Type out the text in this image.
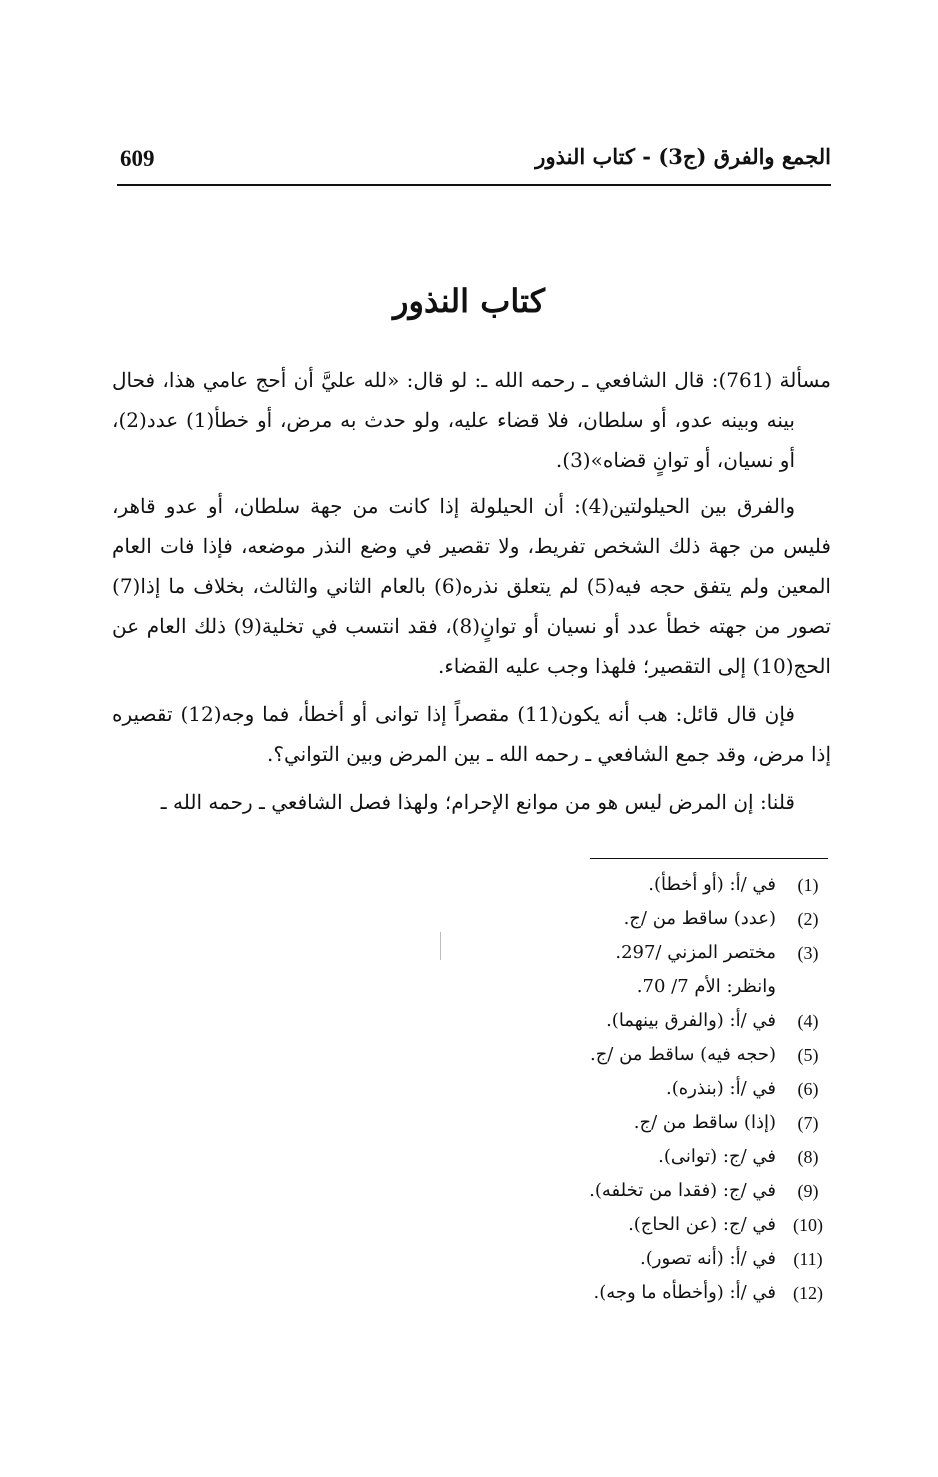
609	الجمع والفرق (ج3) - كتاب النذور
كتاب النذور

مسألة (761): قال الشافعي ـ رحمه الله ـ: لو قال: «لله عليَّ أن أحج عامي هذا، فحال بينه وبينه عدو، أو سلطان، فلا قضاء عليه، ولو حدث به مرض، أو خطأ(1) عدد(2)، أو نسيان، أو توانٍ قضاه»(3).

والفرق بين الحيلولتين(4): أن الحيلولة إذا كانت من جهة سلطان، أو عدو قاهر، فليس من جهة ذلك الشخص تفريط، ولا تقصير في وضع النذر موضعه، فإذا فات العام المعين ولم يتفق حجه فيه(5) لم يتعلق نذره(6) بالعام الثاني والثالث، بخلاف ما إذا(7) تصور من جهته خطأ عدد أو نسيان أو توانٍ(8)، فقد انتسب في تخلية(9) ذلك العام عن الحج(10) إلى التقصير؛ فلهذا وجب عليه القضاء.

فإن قال قائل: هب أنه يكون(11) مقصراً إذا توانى أو أخطأ، فما وجه(12) تقصيره إذا مرض، وقد جمع الشافعي ـ رحمه الله ـ بين المرض وبين التواني؟.

قلنا: إن المرض ليس هو من موانع الإحرام؛ ولهذا فصل الشافعي ـ رحمه الله ـ

(1)
في /أ: (أو أخطأ).
(2)
(عدد) ساقط من /ج.
(3)
مختصر المزني /297.
وانظر: الأم 7/ 70.
(4)
في /أ: (والفرق بينهما).
(5)
(حجه فيه) ساقط من /ج.
(6)
في /أ: (بنذره).
(7)
(إذا) ساقط من /ج.
(8)
في /ج: (توانى).
(9)
في /ج: (فقدا من تخلفه).
(10)
في /ج: (عن الحاج).
(11)
في /أ: (أنه تصور).
(12)
في /أ: (وأخطأه ما وجه).
